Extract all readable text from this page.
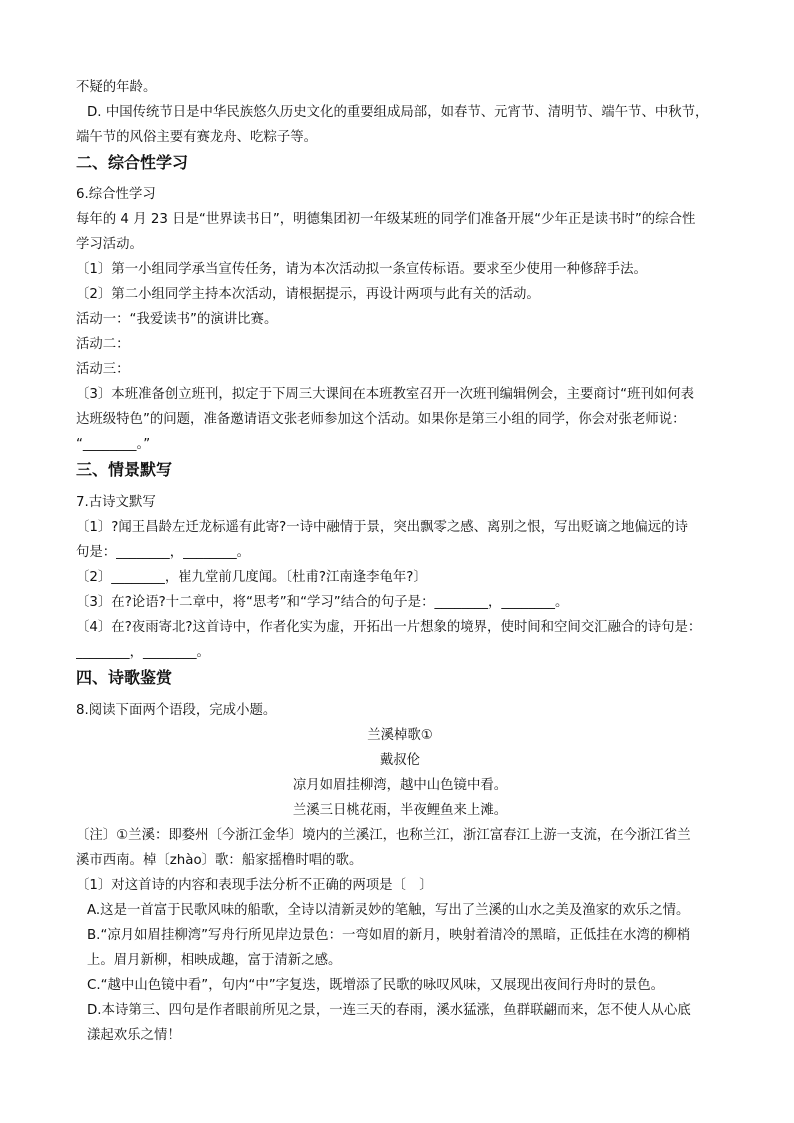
不疑的年龄。
D. 中国传统节日是中华民族悠久历史文化的重要组成局部，如春节、元宵节、清明节、端午节、中秋节，
端午节的风俗主要有赛龙舟、吃粽子等。
二、综合性学习
6.综合性学习
每年的 4 月 23 日是“世界读书日”，明德集团初一年级某班的同学们准备开展“少年正是读书时”的综合性
学习活动。
〔1〕第一小组同学承当宣传任务，请为本次活动拟一条宣传标语。要求至少使用一种修辞手法。
〔2〕第二小组同学主持本次活动，请根据提示，再设计两项与此有关的活动。
活动一：“我爱读书”的演讲比赛。
活动二：
活动三：
〔3〕本班准备创立班刊，拟定于下周三大课间在本班教室召开一次班刊编辑例会，主要商讨“班刊如何表
达班级特色”的问题，准备邀请语文张老师参加这个活动。如果你是第三小组的同学，你会对张老师说：
“________。”
三、情景默写
7.古诗文默写
〔1〕?闻王昌龄左迁龙标遥有此寄?一诗中融情于景，突出飘零之感、离别之恨，写出贬谪之地偏远的诗
句是：________，________。
〔2〕________，崔九堂前几度闻。〔杜甫?江南逢李龟年?〕
〔3〕在?论语?十二章中，将“思考”和“学习”结合的句子是：________，________。
〔4〕在?夜雨寄北?这首诗中，作者化实为虚，开拓出一片想象的境界，使时间和空间交汇融合的诗句是：
________，________。
四、诗歌鉴赏
8.阅读下面两个语段，完成小题。
兰溪棹歌①
戴叔伦
凉月如眉挂柳湾，越中山色镜中看。
兰溪三日桃花雨，半夜鲤鱼来上滩。
〔注〕①兰溪：即婺州〔今浙江金华〕境内的兰溪江，也称兰江，浙江富春江上游一支流，在今浙江省兰
溪市西南。棹〔zhào〕歌：船家摇橹时唱的歌。
〔1〕对这首诗的内容和表现手法分析不正确的两项是〔　〕
A.这是一首富于民歌风味的船歌，全诗以清新灵妙的笔触，写出了兰溪的山水之美及渔家的欢乐之情。
B.“凉月如眉挂柳湾”写舟行所见岸边景色：一弯如眉的新月，映射着清冷的黑暗，正低挂在水湾的柳梢
上。眉月新柳，相映成趣，富于清新之感。
C.“越中山色镜中看”，句内“中”字复迭，既增添了民歌的咏叹风味，又展现出夜间行舟时的景色。
D.本诗第三、四句是作者眼前所见之景，一连三天的春雨，溪水猛涨，鱼群联翩而来，怎不使人从心底
漾起欢乐之情！
